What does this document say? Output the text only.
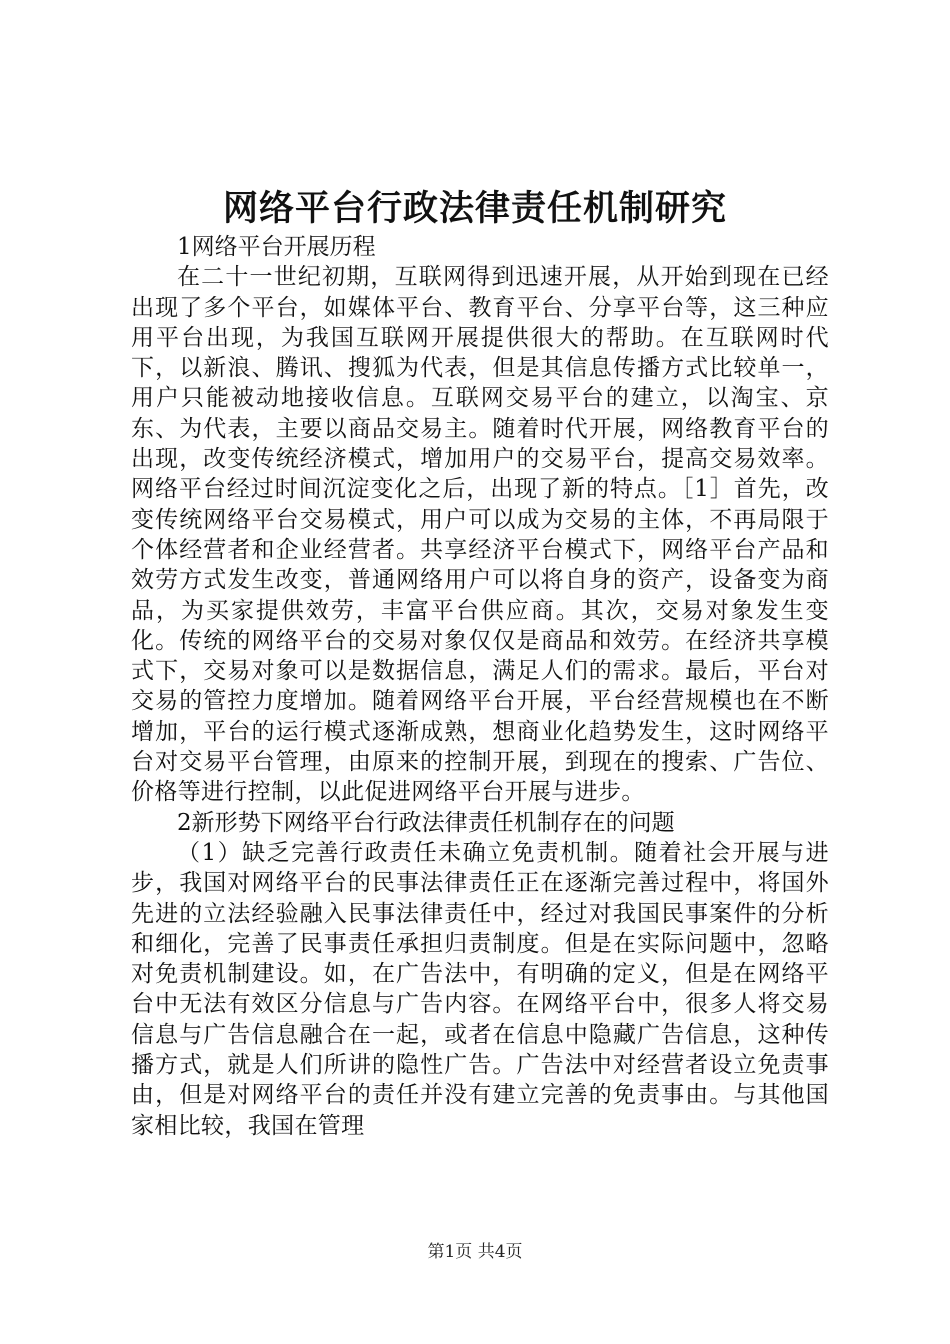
网络平台行政法律责任机制研究

1网络平台开展历程

在二十一世纪初期，互联网得到迅速开展，从开始到现在已经出现了多个平台，如媒体平台、教育平台、分享平台等，这三种应用平台出现，为我国互联网开展提供很大的帮助。在互联网时代下，以新浪、腾讯、搜狐为代表，但是其信息传播方式比较单一，用户只能被动地接收信息。互联网交易平台的建立，以淘宝、京东、为代表，主要以商品交易主。随着时代开展，网络教育平台的出现，改变传统经济模式，增加用户的交易平台，提高交易效率。网络平台经过时间沉淀变化之后，出现了新的特点。［1］首先，改变传统网络平台交易模式，用户可以成为交易的主体，不再局限于个体经营者和企业经营者。共享经济平台模式下，网络平台产品和效劳方式发生改变，普通网络用户可以将自身的资产，设备变为商品，为买家提供效劳，丰富平台供应商。其次，交易对象发生变化。传统的网络平台的交易对象仅仅是商品和效劳。在经济共享模式下，交易对象可以是数据信息，满足人们的需求。最后，平台对交易的管控力度增加。随着网络平台开展，平台经营规模也在不断增加，平台的运行模式逐渐成熟，想商业化趋势发生，这时网络平台对交易平台管理，由原来的控制开展，到现在的搜索、广告位、价格等进行控制，以此促进网络平台开展与进步。

2新形势下网络平台行政法律责任机制存在的问题

（1）缺乏完善行政责任未确立免责机制。随着社会开展与进步，我国对网络平台的民事法律责任正在逐渐完善过程中，将国外先进的立法经验融入民事法律责任中，经过对我国民事案件的分析和细化，完善了民事责任承担归责制度。但是在实际问题中，忽略对免责机制建设。如，在广告法中，有明确的定义，但是在网络平台中无法有效区分信息与广告内容。在网络平台中，很多人将交易信息与广告信息融合在一起，或者在信息中隐藏广告信息，这种传播方式，就是人们所讲的隐性广告。广告法中对经营者设立免责事由，但是对网络平台的责任并没有建立完善的免责事由。与其他国家相比较，我国在管理

第1页 共4页
